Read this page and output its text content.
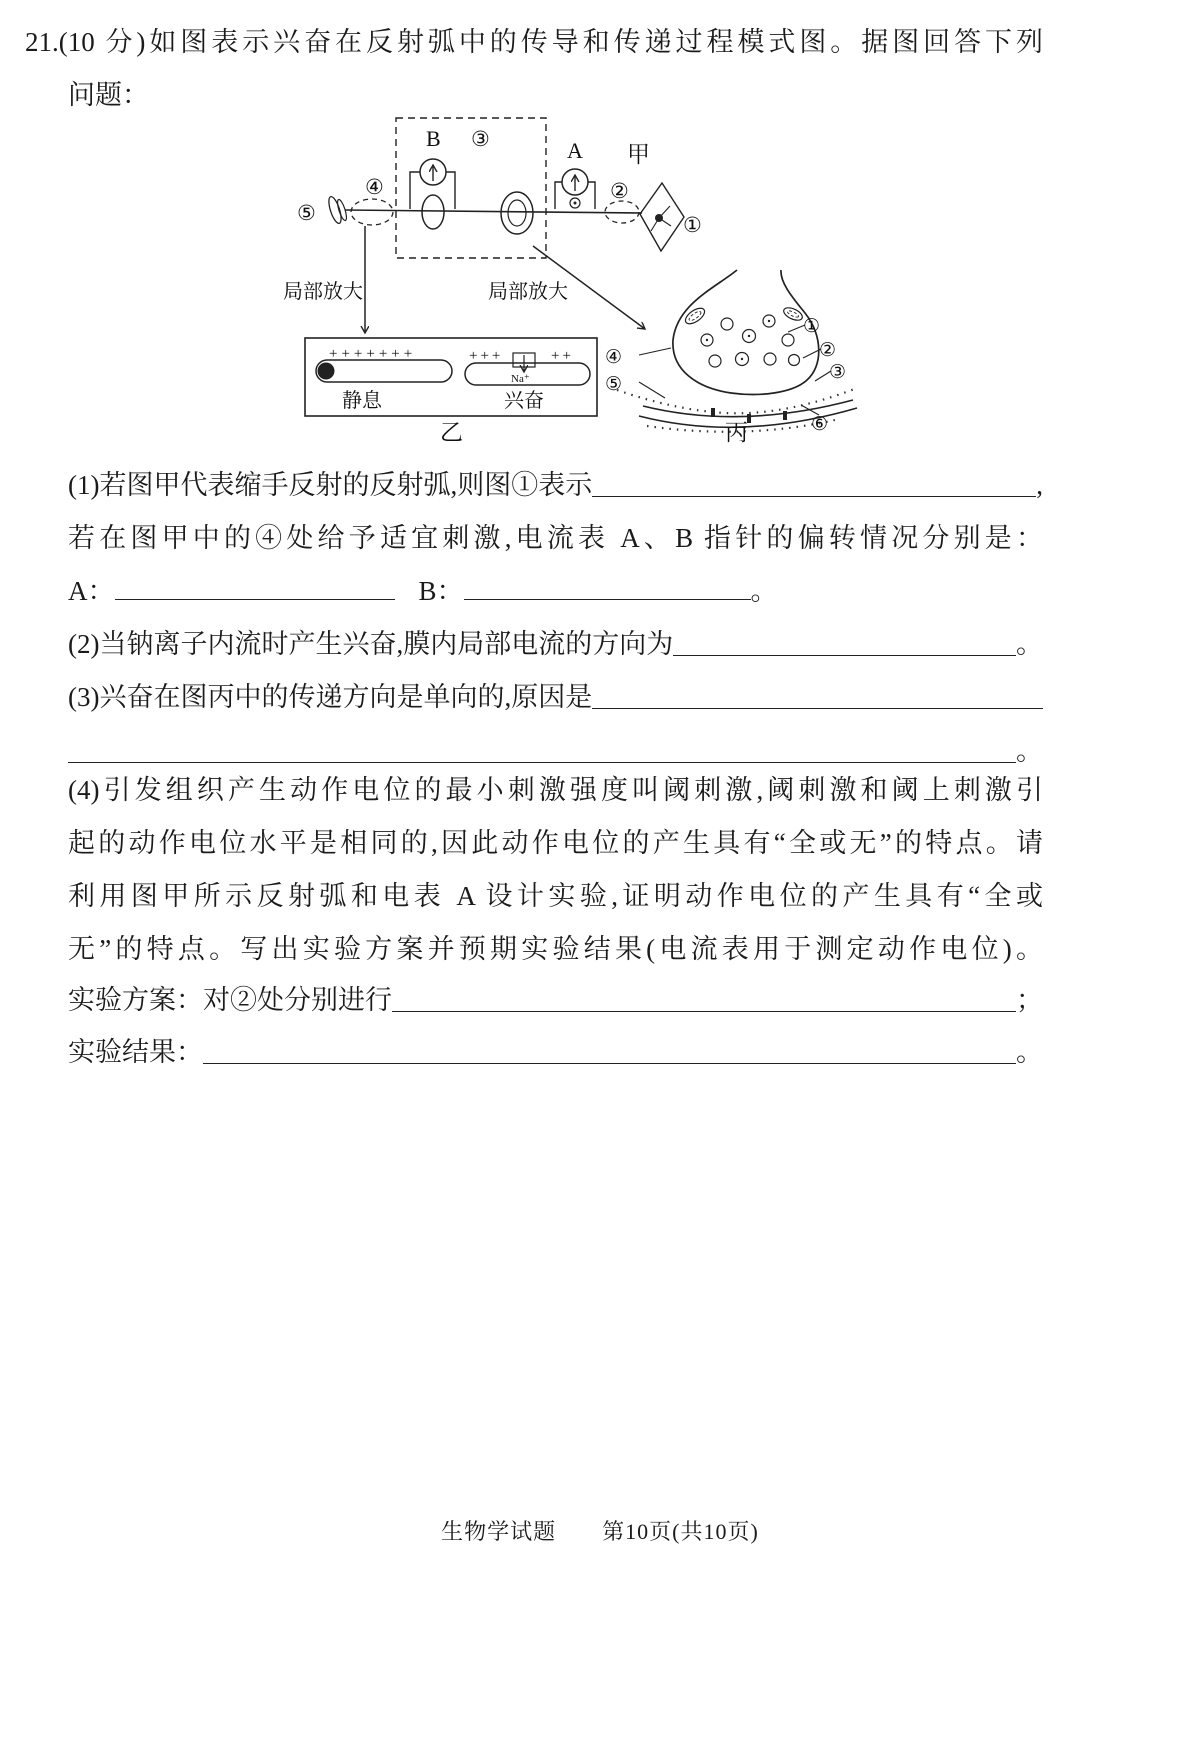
21.(10 分)如图表示兴奋在反射弧中的传导和传递过程模式图。据图回答下列
问题：
B ③	A 甲
⑤
④	②
①
局部放大	局部放大
+++++++
静息
+++	++
Na⁺
兴奋
乙
①
②
③
④
⑤
⑥
丙
(1)若图甲代表缩手反射的反射弧,则图①表示	,
若在图甲中的④处给予适宜刺激,电流表 A、B 指针的偏转情况分别是：
A：	B：	。
(2)当钠离子内流时产生兴奋,膜内局部电流的方向为	。
(3)兴奋在图丙中的传递方向是单向的,原因是
。
(4)引发组织产生动作电位的最小刺激强度叫阈刺激,阈刺激和阈上刺激引
起的动作电位水平是相同的,因此动作电位的产生具有“全或无”的特点。请
利用图甲所示反射弧和电表 A 设计实验,证明动作电位的产生具有“全或
无”的特点。写出实验方案并预期实验结果(电流表用于测定动作电位)。
实验方案：对②处分别进行	；
实验结果：	。
生物学试题　　第10页(共10页)
